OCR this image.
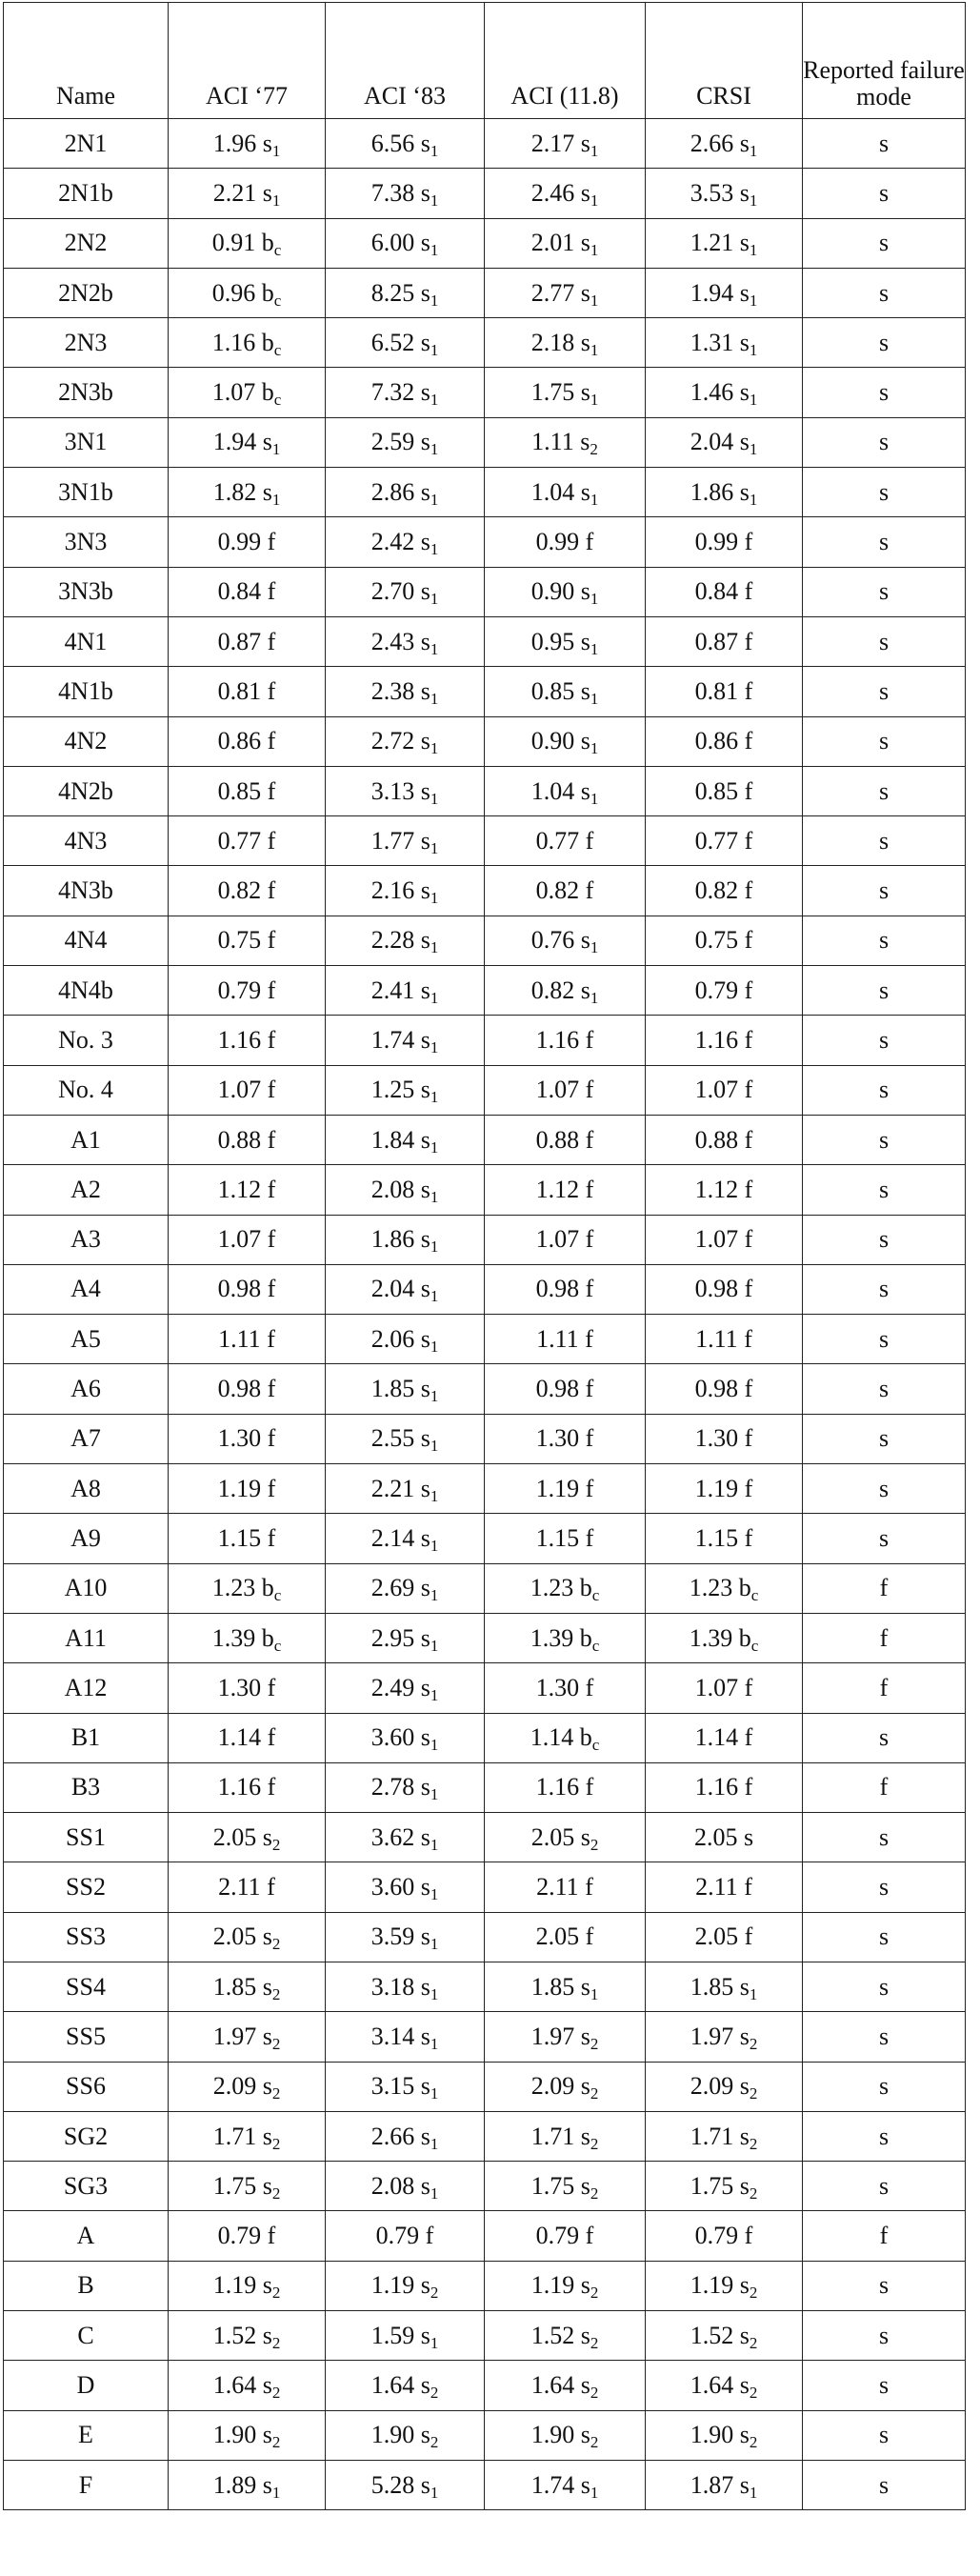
Name	ACI ‘77	ACI ‘83	ACI (11.8)	CRSI	Reported failure mode
2N1	1.96 $s_1$	6.56 $s_1$	2.17 $s_1$	2.66 $s_1$	s
2N1b	2.21 $s_1$	7.38 $s_1$	2.46 $s_1$	3.53 $s_1$	s
2N2	0.91 $b_c$	6.00 $s_1$	2.01 $s_1$	1.21 $s_1$	s
2N2b	0.96 $b_c$	8.25 $s_1$	2.77 $s_1$	1.94 $s_1$	s
2N3	1.16 $b_c$	6.52 $s_1$	2.18 $s_1$	1.31 $s_1$	s
2N3b	1.07 $b_c$	7.32 $s_1$	1.75 $s_1$	1.46 $s_1$	s
3N1	1.94 $s_1$	2.59 $s_1$	1.11 $s_2$	2.04 $s_1$	s
3N1b	1.82 $s_1$	2.86 $s_1$	1.04 $s_1$	1.86 $s_1$	s
3N3	0.99 f	2.42 $s_1$	0.99 f	0.99 f	s
3N3b	0.84 f	2.70 $s_1$	0.90 $s_1$	0.84 f	s
4N1	0.87 f	2.43 $s_1$	0.95 $s_1$	0.87 f	s
4N1b	0.81 f	2.38 $s_1$	0.85 $s_1$	0.81 f	s
4N2	0.86 f	2.72 $s_1$	0.90 $s_1$	0.86 f	s
4N2b	0.85 f	3.13 $s_1$	1.04 $s_1$	0.85 f	s
4N3	0.77 f	1.77 $s_1$	0.77 f	0.77 f	s
4N3b	0.82 f	2.16 $s_1$	0.82 f	0.82 f	s
4N4	0.75 f	2.28 $s_1$	0.76 $s_1$	0.75 f	s
4N4b	0.79 f	2.41 $s_1$	0.82 $s_1$	0.79 f	s
No. 3	1.16 f	1.74 $s_1$	1.16 f	1.16 f	s
No. 4	1.07 f	1.25 $s_1$	1.07 f	1.07 f	s
A1	0.88 f	1.84 $s_1$	0.88 f	0.88 f	s
A2	1.12 f	2.08 $s_1$	1.12 f	1.12 f	s
A3	1.07 f	1.86 $s_1$	1.07 f	1.07 f	s
A4	0.98 f	2.04 $s_1$	0.98 f	0.98 f	s
A5	1.11 f	2.06 $s_1$	1.11 f	1.11 f	s
A6	0.98 f	1.85 $s_1$	0.98 f	0.98 f	s
A7	1.30 f	2.55 $s_1$	1.30 f	1.30 f	s
A8	1.19 f	2.21 $s_1$	1.19 f	1.19 f	s
A9	1.15 f	2.14 $s_1$	1.15 f	1.15 f	s
A10	1.23 $b_c$	2.69 $s_1$	1.23 $b_c$	1.23 $b_c$	f
A11	1.39 $b_c$	2.95 $s_1$	1.39 $b_c$	1.39 $b_c$	f
A12	1.30 f	2.49 $s_1$	1.30 f	1.07 f	f
B1	1.14 f	3.60 $s_1$	1.14 $b_c$	1.14 f	s
B3	1.16 f	2.78 $s_1$	1.16 f	1.16 f	f
SS1	2.05 $s_2$	3.62 $s_1$	2.05 $s_2$	2.05 s	s
SS2	2.11 f	3.60 $s_1$	2.11 f	2.11 f	s
SS3	2.05 $s_2$	3.59 $s_1$	2.05 f	2.05 f	s
SS4	1.85 $s_2$	3.18 $s_1$	1.85 $s_1$	1.85 $s_1$	s
SS5	1.97 $s_2$	3.14 $s_1$	1.97 $s_2$	1.97 $s_2$	s
SS6	2.09 $s_2$	3.15 $s_1$	2.09 $s_2$	2.09 $s_2$	s
SG2	1.71 $s_2$	2.66 $s_1$	1.71 $s_2$	1.71 $s_2$	s
SG3	1.75 $s_2$	2.08 $s_1$	1.75 $s_2$	1.75 $s_2$	s
A	0.79 f	0.79 f	0.79 f	0.79 f	f
B	1.19 $s_2$	1.19 $s_2$	1.19 $s_2$	1.19 $s_2$	s
C	1.52 $s_2$	1.59 $s_1$	1.52 $s_2$	1.52 $s_2$	s
D	1.64 $s_2$	1.64 $s_2$	1.64 $s_2$	1.64 $s_2$	s
E	1.90 $s_2$	1.90 $s_2$	1.90 $s_2$	1.90 $s_2$	s
F	1.89 $s_1$	5.28 $s_1$	1.74 $s_1$	1.87 $s_1$	s
